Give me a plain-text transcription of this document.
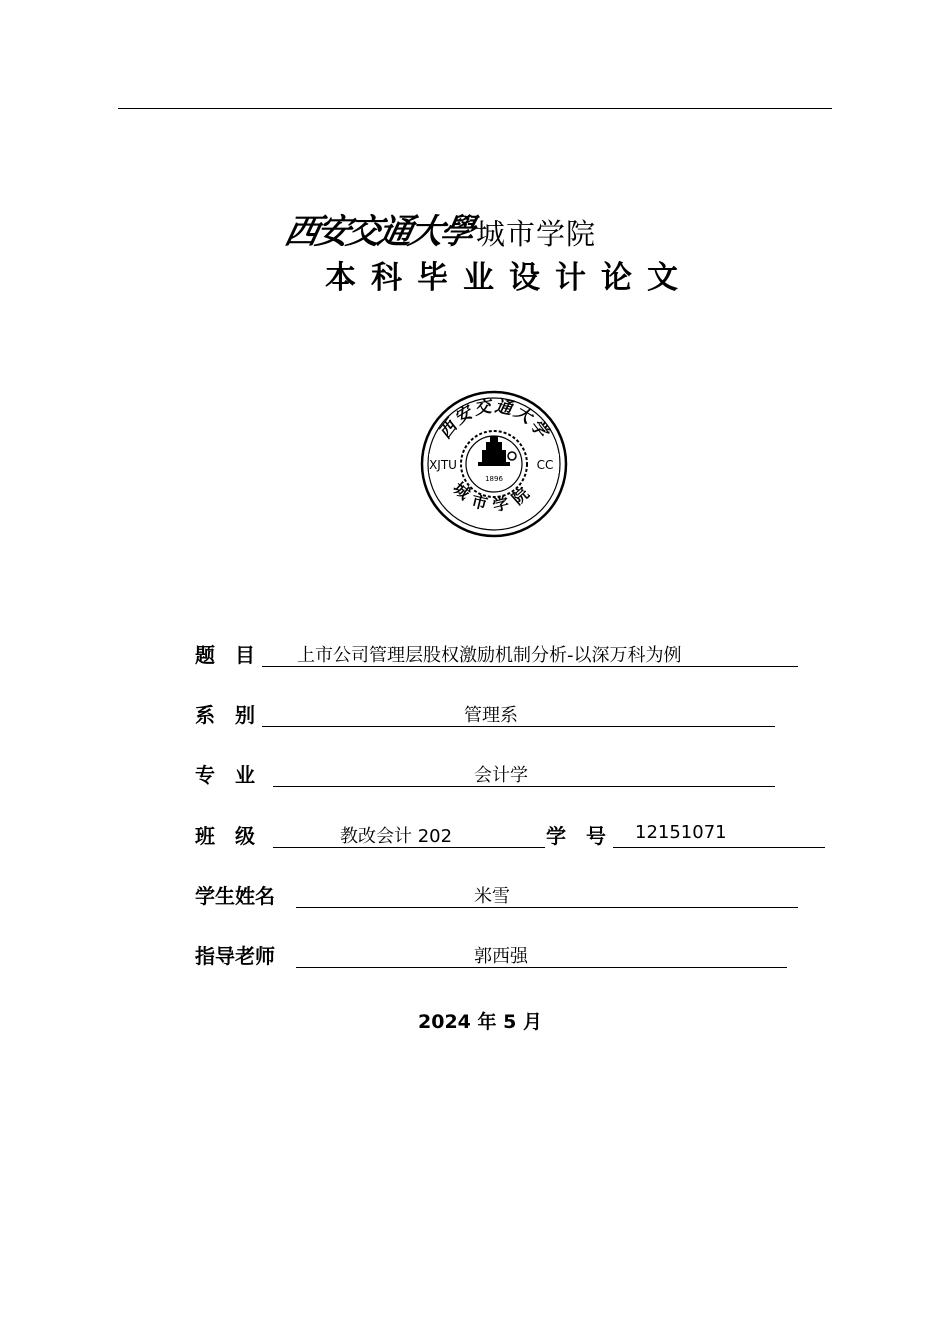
西安交通大學城市学院
本科毕业设计论文
西安交通大学
城市学院
XJTU	CC
1896
题　目 上市公司管理层股权激励机制分析-以深万科为例
系　别	管理系
专　业	会计学
班　级	教改会计 202	学　号 12151071
学生姓名	米雪
指导老师	郭西强
2024 年 5 月
